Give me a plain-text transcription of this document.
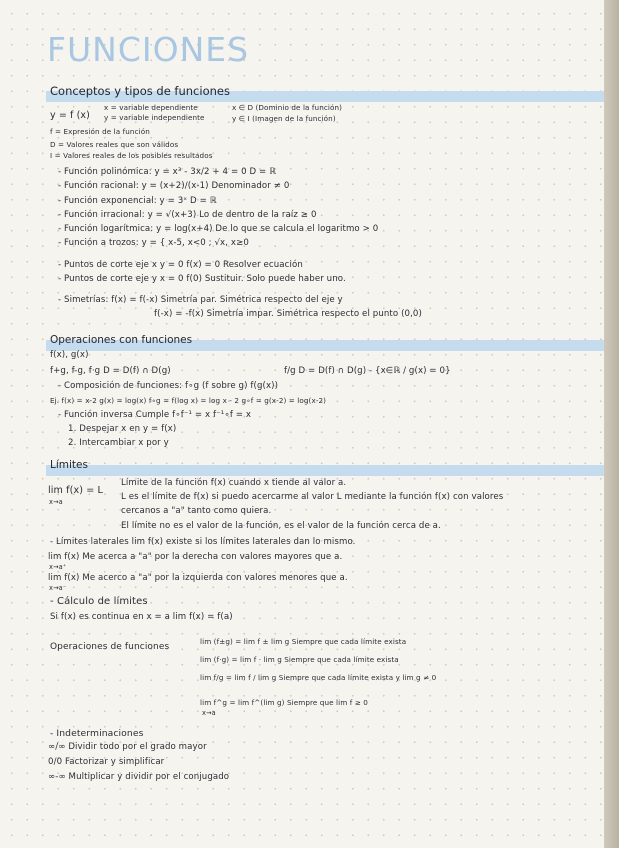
FUNCIONES
Conceptos y tipos de funciones
y = f (x)
x = variable dependiente
y = variable independiente
x ∈ D (Dominio de la función)
y ∈ I (Imagen de la función)
f = Expresión de la función
D = Valores reales que son válidos
I = Valores reales de los posibles resultados
- Función polinómica: y = x³ - 3x/2 + 4 = 0 D = ℝ
- Función racional: y = (x+2)/(x-1) Denominador ≠ 0
- Función exponencial: y = 3ˣ D = ℝ
- Función irracional: y = √(x+3) Lo de dentro de la raíz ≥ 0
- Función logarítmica: y = log(x+4) De lo que se calcula el logaritmo > 0
- Función a trozos: y = { x-5, x<0 ; √x, x≥0
- Puntos de corte eje x y = 0 f(x) = 0 Resolver ecuación
- Puntos de corte eje y x = 0 f(0) Sustituir. Solo puede haber uno.
- Simetrías: f(x) = f(-x) Simetría par. Simétrica respecto del eje y
f(-x) = -f(x) Simetría impar. Simétrica respecto el punto (0,0)
Operaciones con funciones
f(x), g(x)
f+g, f-g, f·g D = D(f) ∩ D(g)	f/g D = D(f) ∩ D(g) - {x∈ℝ / g(x) = 0}
- Composición de funciones: f∘g (f sobre g) f(g(x))
Ej. f(x) = x-2 g(x) = log(x) f∘g = f(log x) = log x - 2 g∘f = g(x-2) = log(x-2)
- Función inversa Cumple f∘f⁻¹ = x f⁻¹∘f = x
1. Despejar x en y = f(x)
2. Intercambiar x por y
Límites
lim f(x) = L
x→a
Límite de la función f(x) cuando x tiende al valor a.
L es el límite de f(x) si puedo acercarme al valor L mediante la función f(x) con valores
cercanos a "a" tanto como quiera.
El límite no es el valor de la función, es el valor de la función cerca de a.
- Límites laterales lim f(x) existe si los límites laterales dan lo mismo.
lim f(x) Me acerca a "a" por la derecha con valores mayores que a.
x→a⁺
lim f(x) Me acerco a "a" por la izquierda con valores menores que a.
x→a⁻
- Cálculo de límites
Si f(x) es continua en x = a lim f(x) = f(a)
Operaciones de funciones
lim (f±g) = lim f ± lim g Siempre que cada límite exista
lim (f·g) = lim f · lim g Siempre que cada límite exista
lim f/g = lim f / lim g Siempre que cada límite exista y lim g ≠ 0
lim f^g = lim f^(lim g) Siempre que lim f ≥ 0
x→a
- Indeterminaciones
∞/∞ Dividir todo por el grado mayor
0/0 Factorizar y simplificar
∞-∞ Multiplicar y dividir por el conjugado
